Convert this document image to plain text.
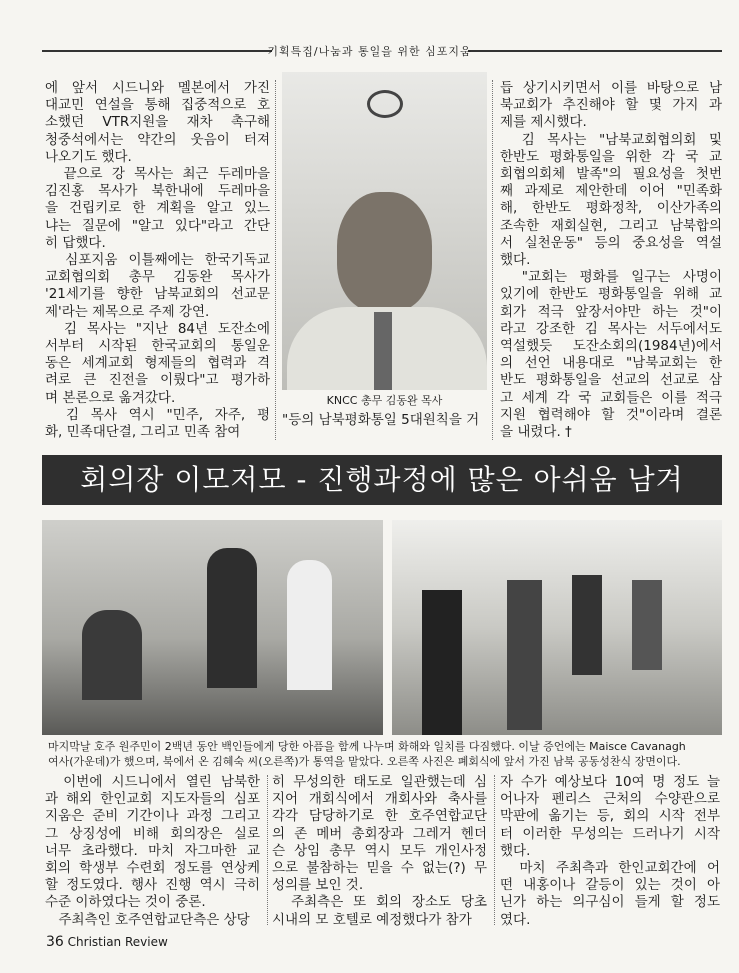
기획특집/나눔과 통일을 위한 심포지움
에 앞서 시드니와 멜본에서 가진
대교민 연설을 통해 집중적으로 호
소했던 VTR지원을 재차 촉구해
청중석에서는 약간의 웃음이 터져
나오기도 했다.
　끝으로 강 목사는 최근 두레마을
김진홍 목사가 북한내에 두레마을
을 건립키로 한 계획을 알고 있느
냐는 질문에 "알고 있다"라고 간단
히 답했다.
　심포지움 이틀째에는 한국기독교
교회협의회 총무 김동완 목사가
'21세기를 향한 남북교회의 선교문
제'라는 제목으로 주제 강연.
　김 목사는 "지난 84년 도잔소에
서부터 시작된 한국교회의 통일운
동은 세계교회 형제들의 협력과 격
려로 큰 진전을 이뤘다"고 평가하
며 본론으로 옮겨갔다.
　김 목사 역시 "민주, 자주, 평
화, 민족대단결, 그리고 민족 참여
KNCC 총무 김동완 목사
"등의 남북평화통일 5대원칙을 거
듭 상기시키면서 이를 바탕으로 남
북교회가 추진해야 할 몇 가지 과
제를 제시했다.
　김 목사는 "남북교회협의회 및
한반도 평화통일을 위한 각 국 교
회협의회체 발족"의 필요성을 첫번
째 과제로 제안한데 이어 "민족화
해, 한반도 평화정착, 이산가족의
조속한 재회실현, 그리고 남북합의
서 실천운동" 등의 중요성을 역설
했다.
　"교회는 평화를 일구는 사명이
있기에 한반도 평화통일을 위해 교
회가 적극 앞장서야만 하는 것"이
라고 강조한 김 목사는 서두에서도
역설했듯 도잔소회의(1984년)에서
의 선언 내용대로 "남북교회는 한
반도 평화통일을 선교의 선교로 삼
고 세계 각 국 교회들은 이를 적극
지원 협력해야 할 것"이라며 결론
을 내렸다. †
회의장 이모저모 - 진행과정에 많은 아쉬움 남겨
마지막날 호주 원주민이 2백년 동안 백인들에게 당한 아픔을 함께 나누며 화해와 일치를 다짐했다. 이날 증언에는 Maisce Cavanagh
여사(가운데)가 했으며, 북에서 온 김혜숙 씨(오른쪽)가 통역을 맡았다. 오른쪽 사진은 폐회식에 앞서 가진 남북 공동성찬식 장면이다.
　이번에 시드니에서 열린 남북한
과 해외 한인교회 지도자들의 심포
지움은 준비 기간이나 과정 그리고
그 상징성에 비해 회의장은 실로
너무 초라했다. 마치 자그마한 교
회의 학생부 수련회 정도를 연상케
할 정도였다. 행사 진행 역시 극히
수준 이하였다는 것이 중론.
　주최측인 호주연합교단측은 상당
히 무성의한 태도로 일관했는데 심
지어 개회식에서 개회사와 축사를
각각 담당하기로 한 호주연합교단
의 존 메버 총회장과 그레거 헨더
슨 상임 총무 역시 모두 개인사정
으로 불참하는 믿을 수 없는(?) 무
성의를 보인 것.
　주최측은 또 회의 장소도 당초
시내의 모 호텔로 예정했다가 참가
자 수가 예상보다 10여 명 정도 늘
어나자 펜리스 근처의 수양관으로
막판에 옮기는 등, 회의 시작 전부
터 이러한 무성의는 드러나기 시작
했다.
　마치 주최측과 한인교회간에 어
떤 내홍이나 갈등이 있는 것이 아
닌가 하는 의구심이 들게 할 정도
였다.
36 Christian Review
